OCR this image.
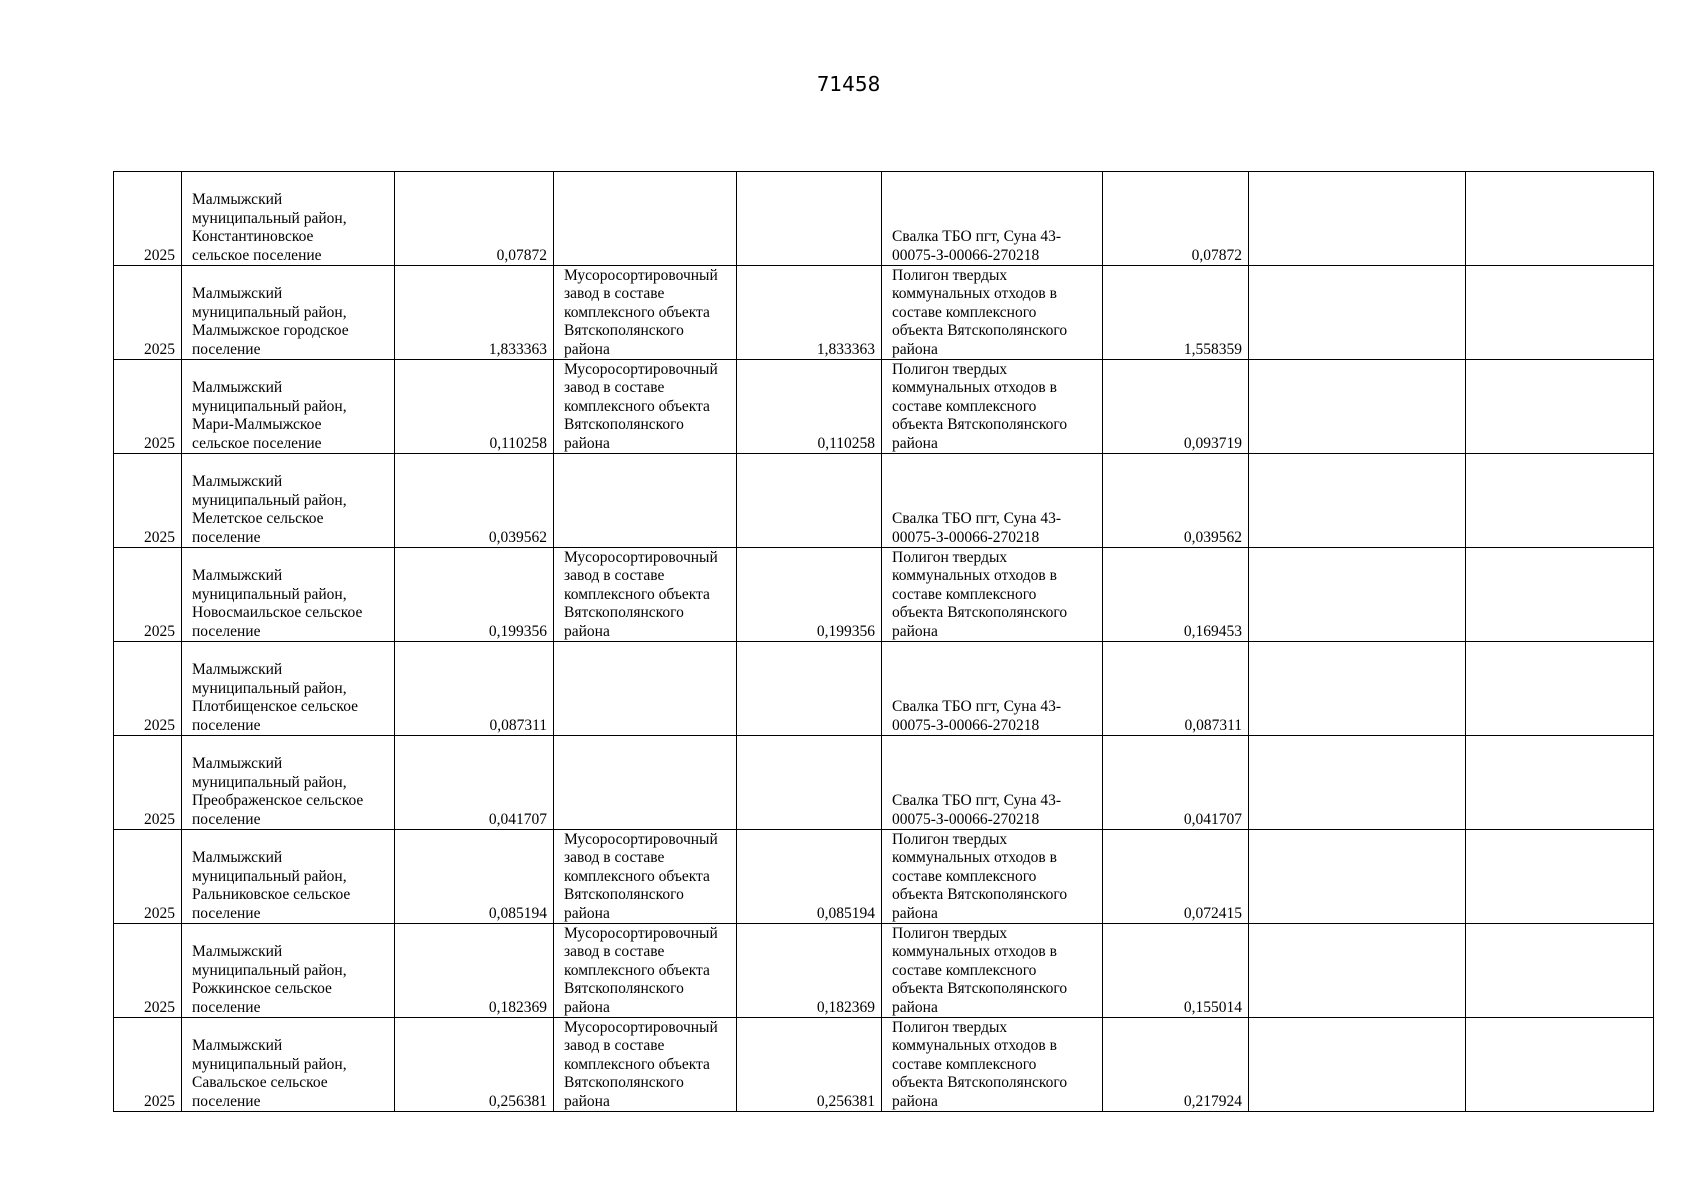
71458
2025	Малмыжский
муниципальный район,
Константиновское
сельское поселение	0,07872			Свалка ТБО пгт, Суна 43-
00075-З-00066-270218	0,07872		
2025	Малмыжский
муниципальный район,
Малмыжское городское
поселение	1,833363	Мусоросортировочный
завод в составе
комплексного объекта
Вятскополянского
района	1,833363	Полигон твердых
коммунальных отходов в
составе комплексного
объекта Вятскополянского
района	1,558359		
2025	Малмыжский
муниципальный район,
Мари-Малмыжское
сельское поселение	0,110258	Мусоросортировочный
завод в составе
комплексного объекта
Вятскополянского
района	0,110258	Полигон твердых
коммунальных отходов в
составе комплексного
объекта Вятскополянского
района	0,093719		
2025	Малмыжский
муниципальный район,
Мелетское сельское
поселение	0,039562			Свалка ТБО пгт, Суна 43-
00075-З-00066-270218	0,039562		
2025	Малмыжский
муниципальный район,
Новосмаильское сельское
поселение	0,199356	Мусоросортировочный
завод в составе
комплексного объекта
Вятскополянского
района	0,199356	Полигон твердых
коммунальных отходов в
составе комплексного
объекта Вятскополянского
района	0,169453		
2025	Малмыжский
муниципальный район,
Плотбищенское сельское
поселение	0,087311			Свалка ТБО пгт, Суна 43-
00075-З-00066-270218	0,087311		
2025	Малмыжский
муниципальный район,
Преображенское сельское
поселение	0,041707			Свалка ТБО пгт, Суна 43-
00075-З-00066-270218	0,041707		
2025	Малмыжский
муниципальный район,
Ральниковское сельское
поселение	0,085194	Мусоросортировочный
завод в составе
комплексного объекта
Вятскополянского
района	0,085194	Полигон твердых
коммунальных отходов в
составе комплексного
объекта Вятскополянского
района	0,072415		
2025	Малмыжский
муниципальный район,
Рожкинское сельское
поселение	0,182369	Мусоросортировочный
завод в составе
комплексного объекта
Вятскополянского
района	0,182369	Полигон твердых
коммунальных отходов в
составе комплексного
объекта Вятскополянского
района	0,155014		
2025	Малмыжский
муниципальный район,
Савальское сельское
поселение	0,256381	Мусоросортировочный
завод в составе
комплексного объекта
Вятскополянского
района	0,256381	Полигон твердых
коммунальных отходов в
составе комплексного
объекта Вятскополянского
района	0,217924		
